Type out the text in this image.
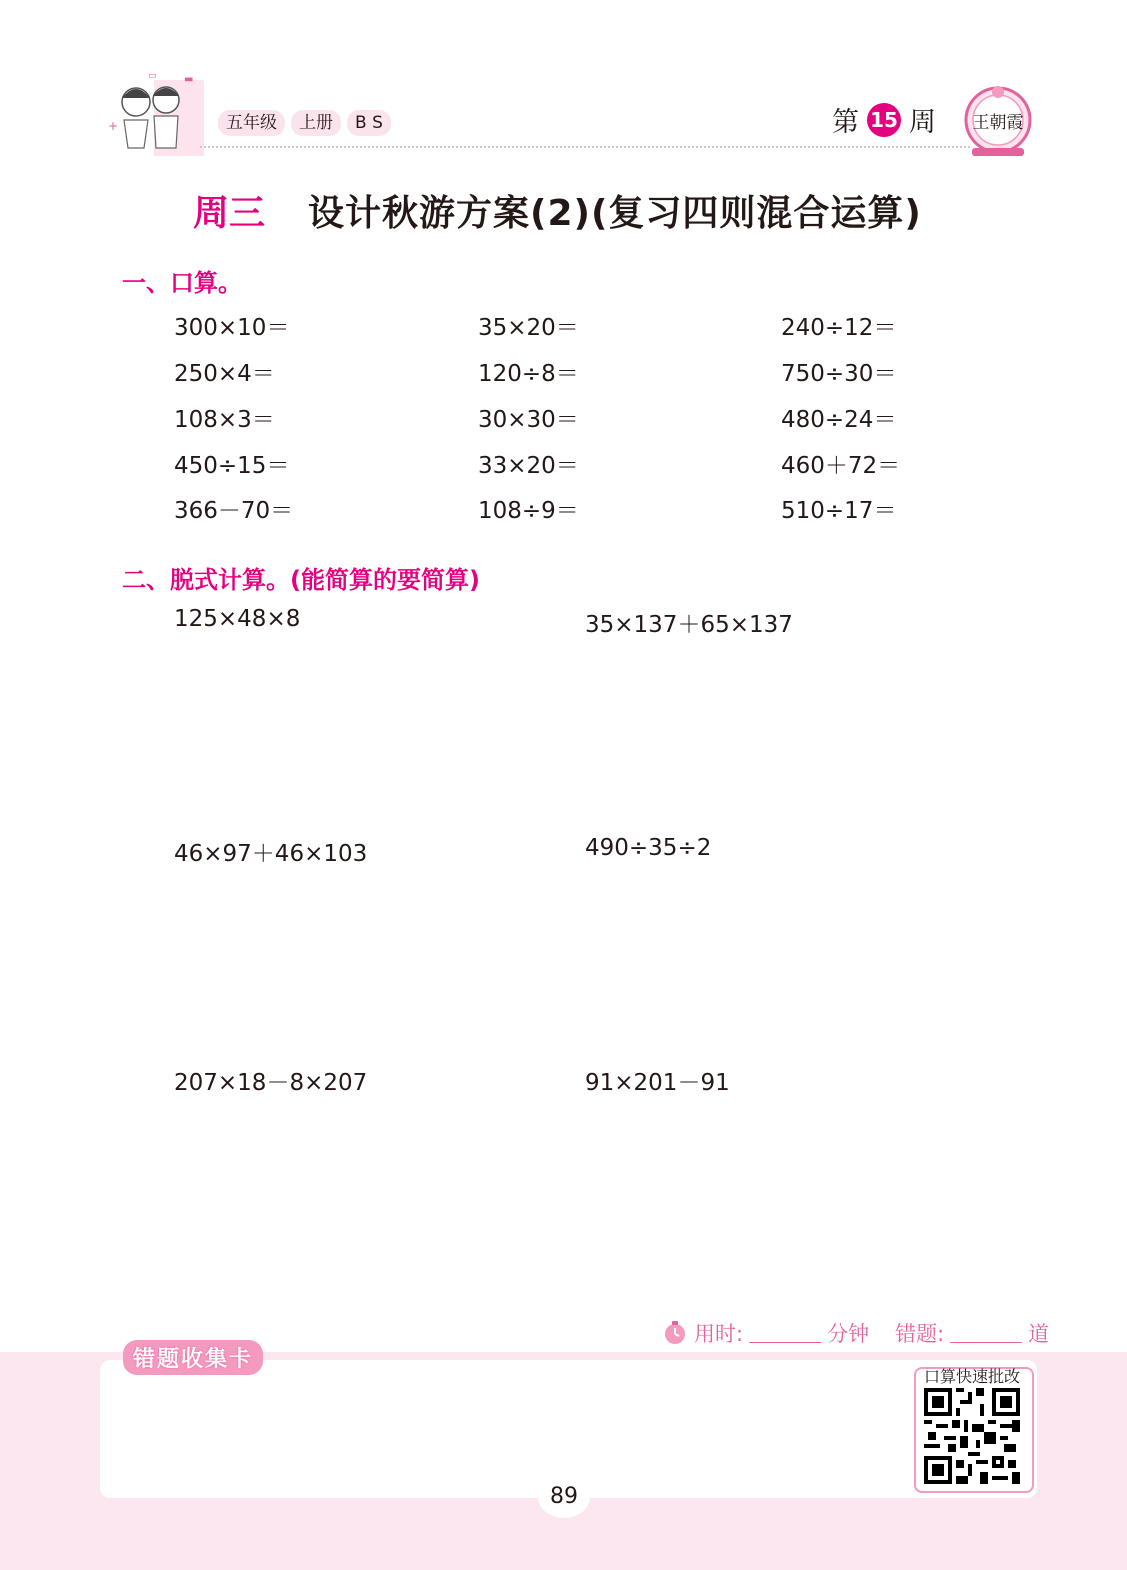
+
▬
▭
五年级	上册	B S	第 15 周 王朝霞
周三 设计秋游方案(2)(复习四则混合运算)
一、口算。
300×10＝	35×20＝	240÷12＝
250×4＝	120÷8＝	750÷30＝
108×3＝	30×30＝	480÷24＝
450÷15＝	33×20＝	460＋72＝
366－70＝	108÷9＝	510÷17＝
二、脱式计算。(能简算的要简算)
125×48×8	35×137＋65×137
46×97＋46×103	490÷35÷2
207×18－8×207	91×201－91
用时:	分钟 错题:	道
错题收集卡
口算快速批改
89
